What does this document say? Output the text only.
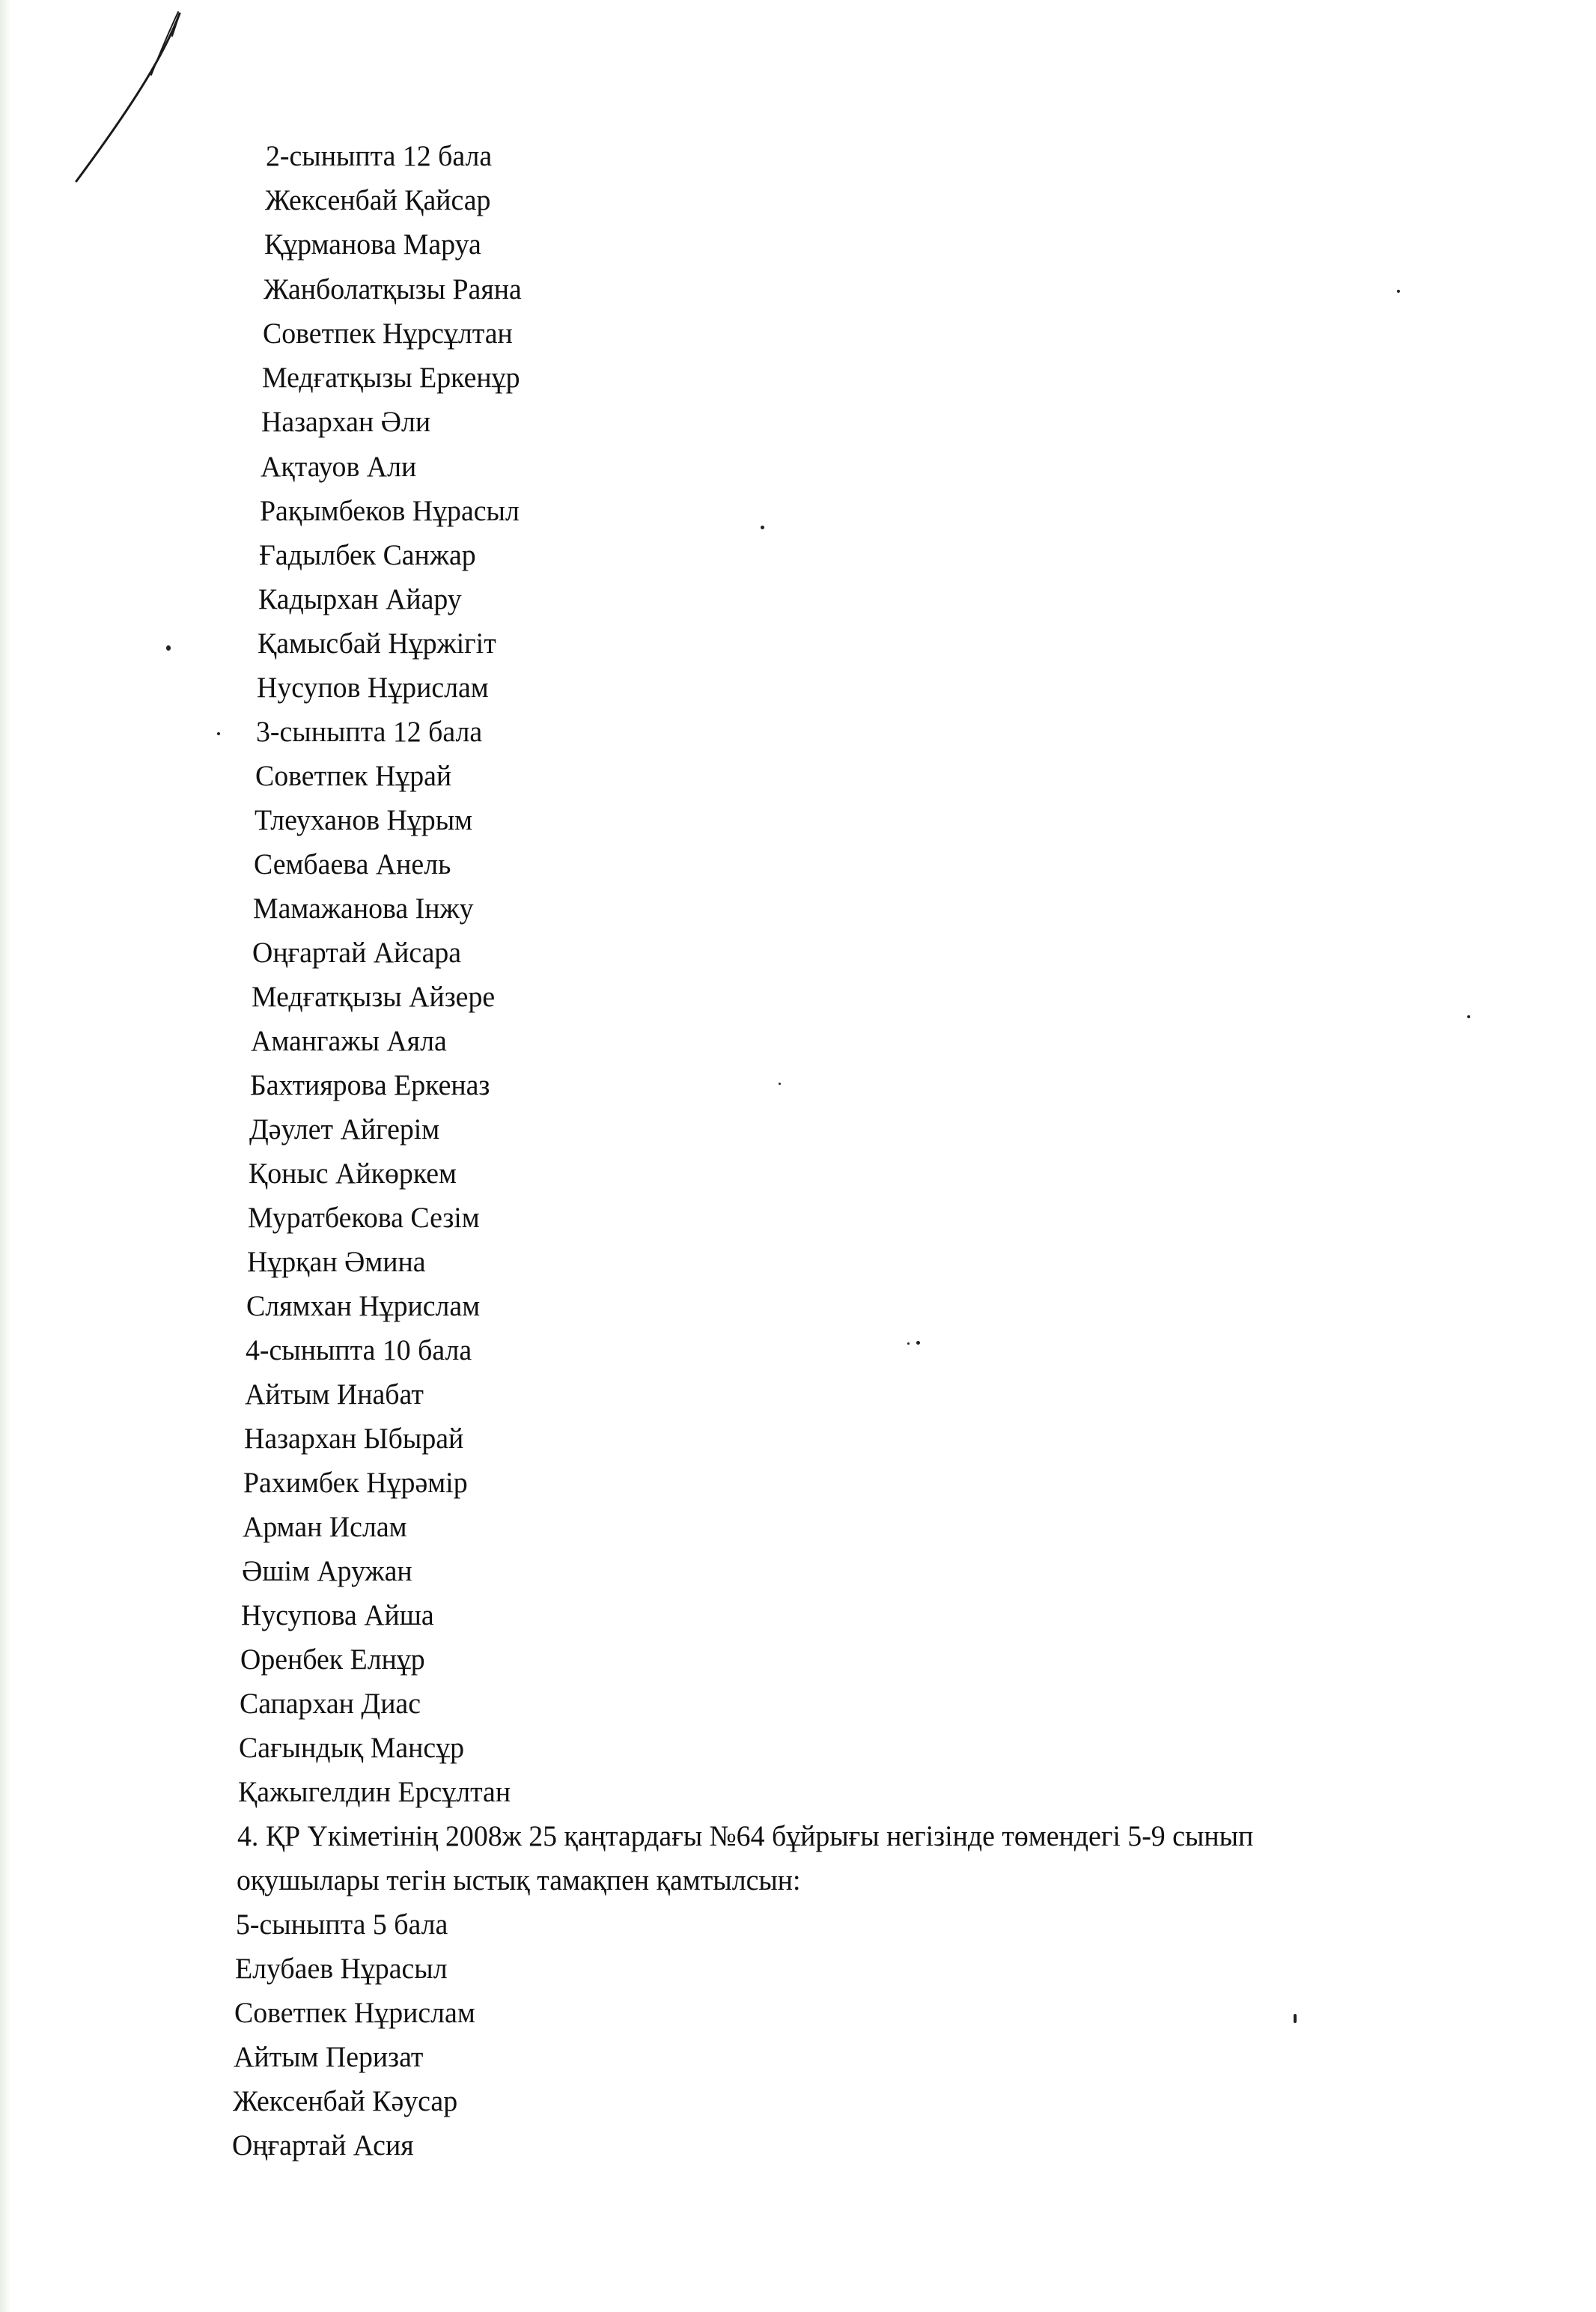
2-сыныпта 12 бала
Жексенбай Қайсар
Құрманова Маруа
Жанболатқызы Раяна
Советпек Нұрсұлтан
Медғатқызы Еркенұр
Назархан Әли
Ақтауов Али
Рақымбеков Нұрасыл
Ғадылбек Санжар
Кадырхан Айару
Қамысбай Нұржігіт
Нусупов Нұрислам
3-сыныпта 12 бала
Советпек Нұрай
Тлеуханов Нұрым
Сембаева Анель
Мамажанова Інжу
Оңғартай Айсара
Медғатқызы Айзере
Амангажы Аяла
Бахтиярова Еркеназ
Дәулет Айгерім
Қоныс Айкөркем
Муратбекова Сезім
Нұрқан Әмина
Слямхан Нұрислам
4-сыныпта 10 бала
Айтым Инабат
Назархан Ыбырай
Рахимбек Нұрәмір
Арман Ислам
Әшім Аружан
Нусупова Айша
Оренбек Елнұр
Сапархан Диас
Сағындық Мансұр
Қажыгелдин Ерсұлтан
4. ҚР Үкіметінің 2008ж 25 қаңтардағы №64 бұйрығы негізінде төмендегі 5-9 сынып
оқушылары тегін ыстық тамақпен қамтылсын:
5-сыныпта 5 бала
Елубаев Нұрасыл
Советпек Нұрислам
Айтым Перизат
Жексенбай Кәусар
Оңғартай Асия
